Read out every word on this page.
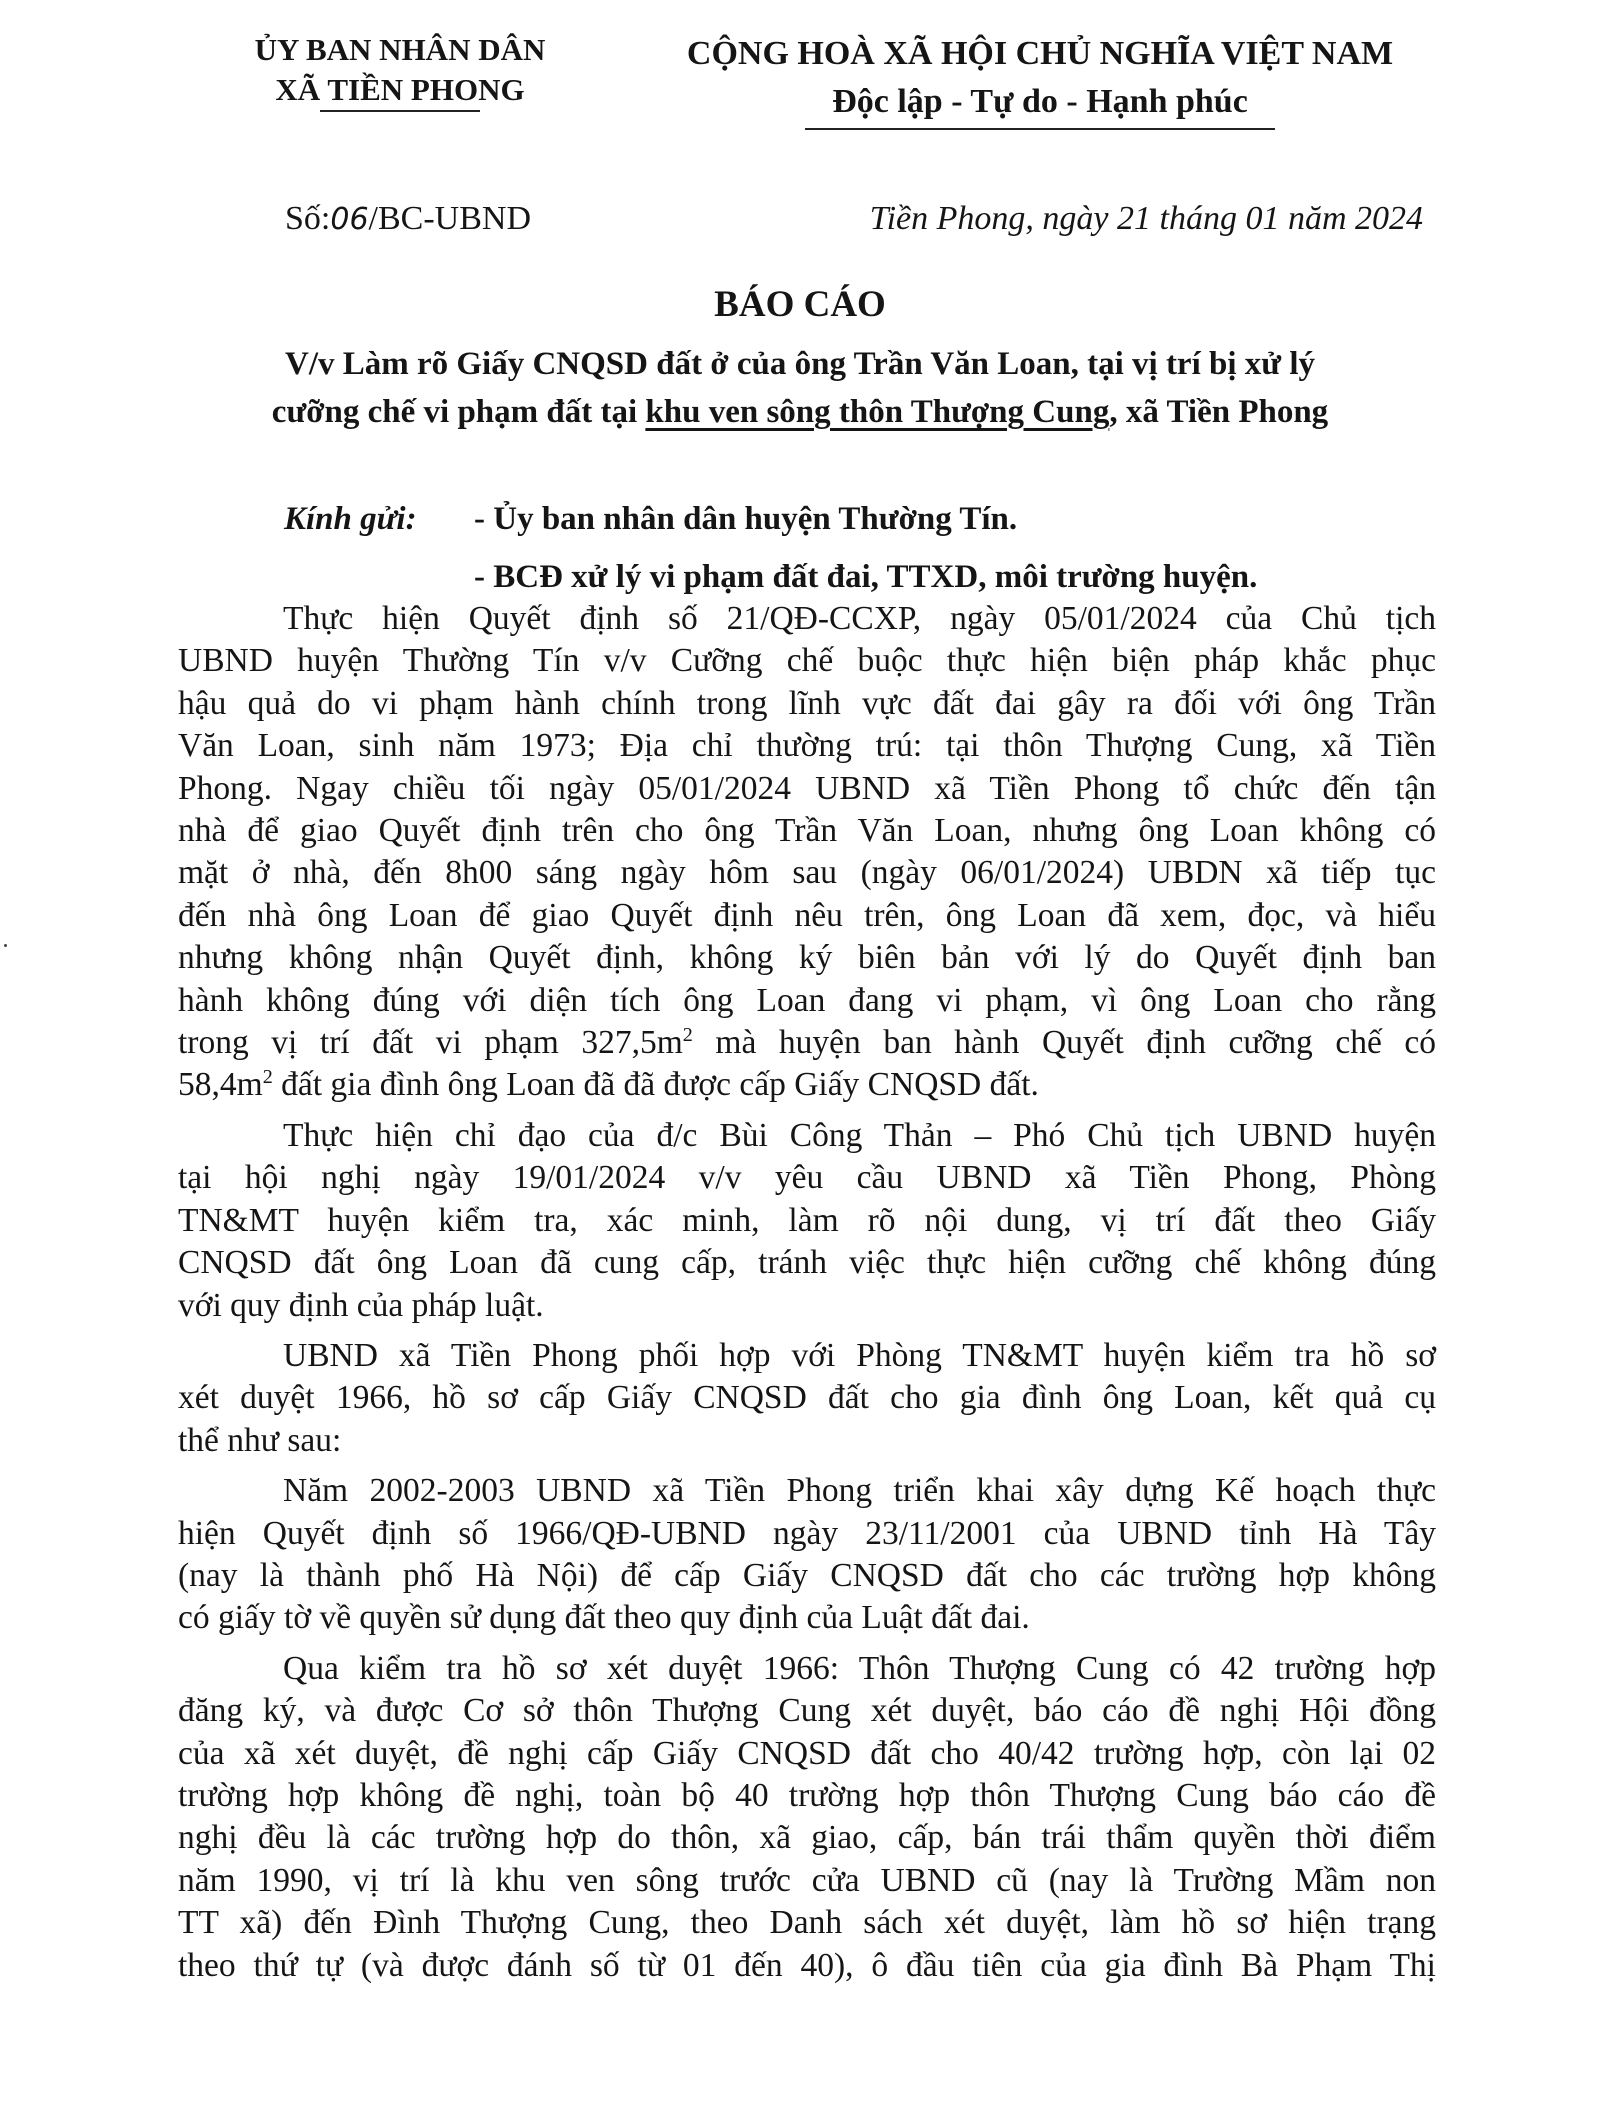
ỦY BAN NHÂN DÂN
XÃ TIỀN PHONG
CỘNG HOÀ XÃ HỘI CHỦ NGHĨA VIỆT NAM
Độc lập - Tự do - Hạnh phúc
Số:06/BC-UBND	Tiền Phong, ngày 21 tháng 01 năm 2024
BÁO CÁO
V/v Làm rõ Giấy CNQSD đất ở của ông Trần Văn Loan, tại vị trí bị xử lý
cưỡng chế vi phạm đất tại khu ven sông thôn Thượng Cung, xã Tiền Phong
Kính gửi:	- Ủy ban nhân dân huyện Thường Tín.
- BCĐ xử lý vi phạm đất đai, TTXD, môi trường huyện.

Thực hiện Quyết định số 21/QĐ-CCXP, ngày 05/01/2024 của Chủ tịch
UBND huyện Thường Tín v/v Cưỡng chế buộc thực hiện biện pháp khắc phục
hậu quả do vi phạm hành chính trong lĩnh vực đất đai gây ra đối với ông Trần
Văn Loan, sinh năm 1973; Địa chỉ thường trú: tại thôn Thượng Cung, xã Tiền
Phong. Ngay chiều tối ngày 05/01/2024 UBND xã Tiền Phong tổ chức đến tận
nhà để giao Quyết định trên cho ông Trần Văn Loan, nhưng ông Loan không có
mặt ở nhà, đến 8h00 sáng ngày hôm sau (ngày 06/01/2024) UBDN xã tiếp tục
đến nhà ông Loan để giao Quyết định nêu trên, ông Loan đã xem, đọc, và hiểu
nhưng không nhận Quyết định, không ký biên bản với lý do Quyết định ban
hành không đúng với diện tích ông Loan đang vi phạm, vì ông Loan cho rằng
trong vị trí đất vi phạm $327,5m^2$ mà huyện ban hành Quyết định cưỡng chế có
$58,4m^2$ đất gia đình ông Loan đã đã được cấp Giấy CNQSD đất.

Thực hiện chỉ đạo của đ/c Bùi Công Thản – Phó Chủ tịch UBND huyện
tại hội nghị ngày 19/01/2024 v/v yêu cầu UBND xã Tiền Phong, Phòng
TN&MT huyện kiểm tra, xác minh, làm rõ nội dung, vị trí đất theo Giấy
CNQSD đất ông Loan đã cung cấp, tránh việc thực hiện cưỡng chế không đúng
với quy định của pháp luật.

UBND xã Tiền Phong phối hợp với Phòng TN&MT huyện kiểm tra hồ sơ
xét duyệt 1966, hồ sơ cấp Giấy CNQSD đất cho gia đình ông Loan, kết quả cụ
thể như sau:

Năm 2002-2003 UBND xã Tiền Phong triển khai xây dựng Kế hoạch thực
hiện Quyết định số 1966/QĐ-UBND ngày 23/11/2001 của UBND tỉnh Hà Tây
(nay là thành phố Hà Nội) để cấp Giấy CNQSD đất cho các trường hợp không
có giấy tờ về quyền sử dụng đất theo quy định của Luật đất đai.

Qua kiểm tra hồ sơ xét duyệt 1966: Thôn Thượng Cung có 42 trường hợp
đăng ký, và được Cơ sở thôn Thượng Cung xét duyệt, báo cáo đề nghị Hội đồng
của xã xét duyệt, đề nghị cấp Giấy CNQSD đất cho 40/42 trường hợp, còn lại 02
trường hợp không đề nghị, toàn bộ 40 trường hợp thôn Thượng Cung báo cáo đề
nghị đều là các trường hợp do thôn, xã giao, cấp, bán trái thẩm quyền thời điểm
năm 1990, vị trí là khu ven sông trước cửa UBND cũ (nay là Trường Mầm non
TT xã) đến Đình Thượng Cung, theo Danh sách xét duyệt, làm hồ sơ hiện trạng
theo thứ tự (và được đánh số từ 01 đến 40), ô đầu tiên của gia đình Bà Phạm Thị
